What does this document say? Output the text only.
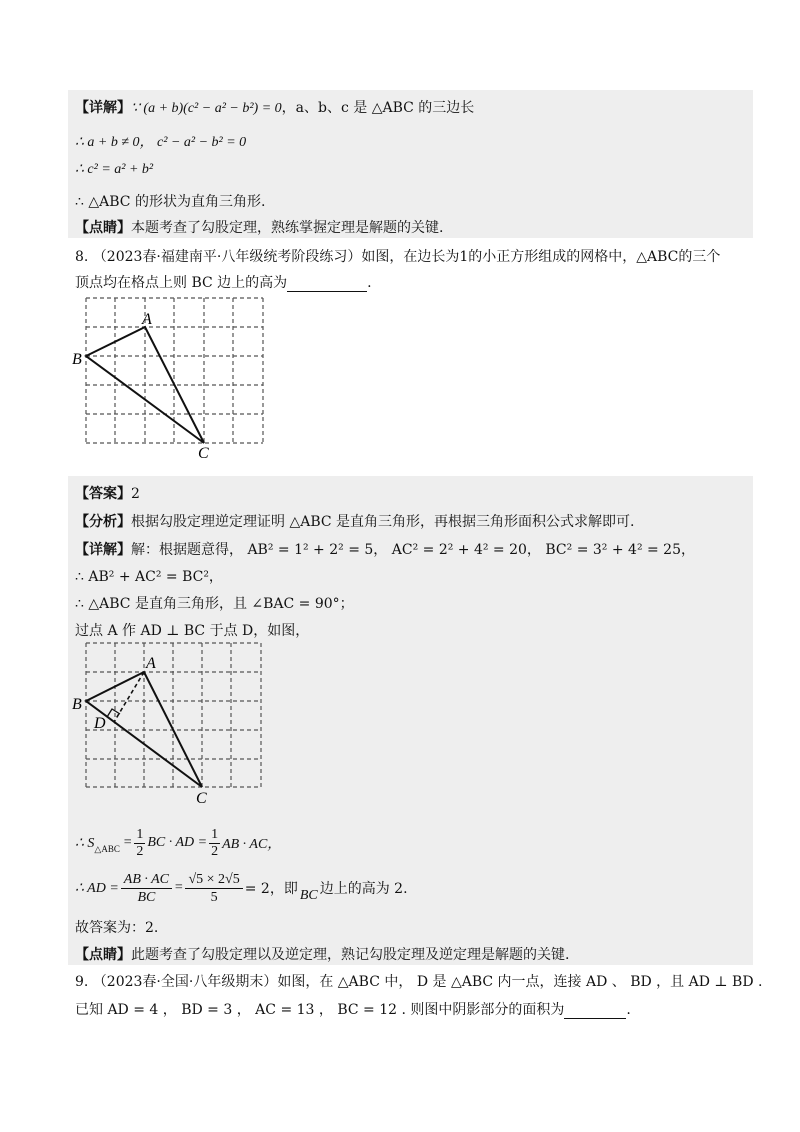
【详解】∵ (a + b)(c² − a² − b²) = 0，a、b、c 是 △ABC 的三边长
∴ a + b ≠ 0， c² − a² − b² = 0
∴ c² = a² + b²
∴ △ABC 的形状为直角三角形.
【点睛】本题考查了勾股定理，熟练掌握定理是解题的关键.
8. （2023春·福建南平·八年级统考阶段练习）如图，在边长为1的小正方形组成的网格中，△ABC的三个
顶点均在格点上则 BC 边上的高为	.
A
B
C
【答案】2
【分析】根据勾股定理逆定理证明 △ABC 是直角三角形，再根据三角形面积公式求解即可.
【详解】解：根据题意得， AB² = 1² + 2² = 5， AC² = 2² + 4² = 20， BC² = 3² + 4² = 25，
∴ AB² + AC² = BC²，
∴ △ABC 是直角三角形，且 ∠BAC = 90°；
过点 A 作 AD ⊥ BC 于点 D，如图，
A
B
C
D
∴ S △ABC = $\frac{1}{2}$ BC · AD = $\frac{1}{2}$ AB · AC，
∴ AD = $\frac{AB \cdot AC}{BC} = \frac{√5 \times 2√5}{5} = 2$，即 BC 边上的高为 2.
故答案为：2.
【点睛】此题考查了勾股定理以及逆定理，熟记勾股定理及逆定理是解题的关键.
9. （2023春·全国·八年级期末）如图，在 △ABC 中， D 是 △ABC 内一点，连接 AD 、 BD ，且 AD ⊥ BD .
已知 AD = 4 ， BD = 3 ， AC = 13 ， BC = 12 . 则图中阴影部分的面积为	.
